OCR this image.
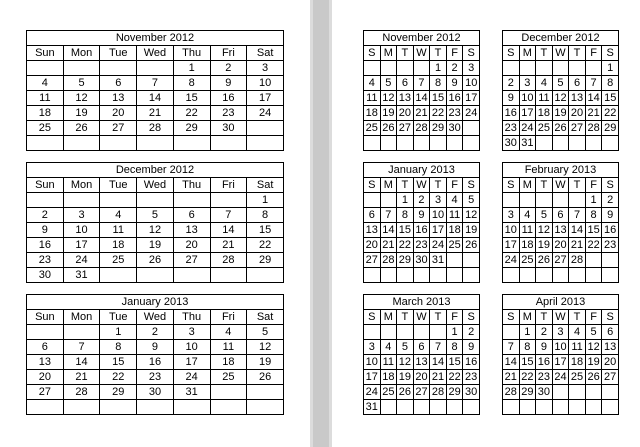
November 2012						
Sun	Mon	Tue	Wed	Thu	Fri	Sat
				1	2	3
4	5	6	7	8	9	10
11	12	13	14	15	16	17
18	19	20	21	22	23	24
25	26	27	28	29	30	

December 2012						
Sun	Mon	Tue	Wed	Thu	Fri	Sat
						1
2	3	4	5	6	7	8
9	10	11	12	13	14	15
16	17	18	19	20	21	22
23	24	25	26	27	28	29
30	31					
January 2013						
Sun	Mon	Tue	Wed	Thu	Fri	Sat
		1	2	3	4	5
6	7	8	9	10	11	12
13	14	15	16	17	18	19
20	21	22	23	24	25	26
27	28	29	30	31		

November 2012						
S	M	T	W	T	F	S
				1	2	3
4	5	6	7	8	9	10
11	12	13	14	15	16	17
18	19	20	21	22	23	24
25	26	27	28	29	30	

December 2012						
S	M	T	W	T	F	S
						1
2	3	4	5	6	7	8
9	10	11	12	13	14	15
16	17	18	19	20	21	22
23	24	25	26	27	28	29
30	31					
January 2013						
S	M	T	W	T	F	S
		1	2	3	4	5
6	7	8	9	10	11	12
13	14	15	16	17	18	19
20	21	22	23	24	25	26
27	28	29	30	31		

February 2013						
S	M	T	W	T	F	S
					1	2
3	4	5	6	7	8	9
10	11	12	13	14	15	16
17	18	19	20	21	22	23
24	25	26	27	28		

March 2013						
S	M	T	W	T	F	S
					1	2
3	4	5	6	7	8	9
10	11	12	13	14	15	16
17	18	19	20	21	22	23
24	25	26	27	28	29	30
31						
April 2013						
S	M	T	W	T	F	S
	1	2	3	4	5	6
7	8	9	10	11	12	13
14	15	16	17	18	19	20
21	22	23	24	25	26	27
28	29	30				
